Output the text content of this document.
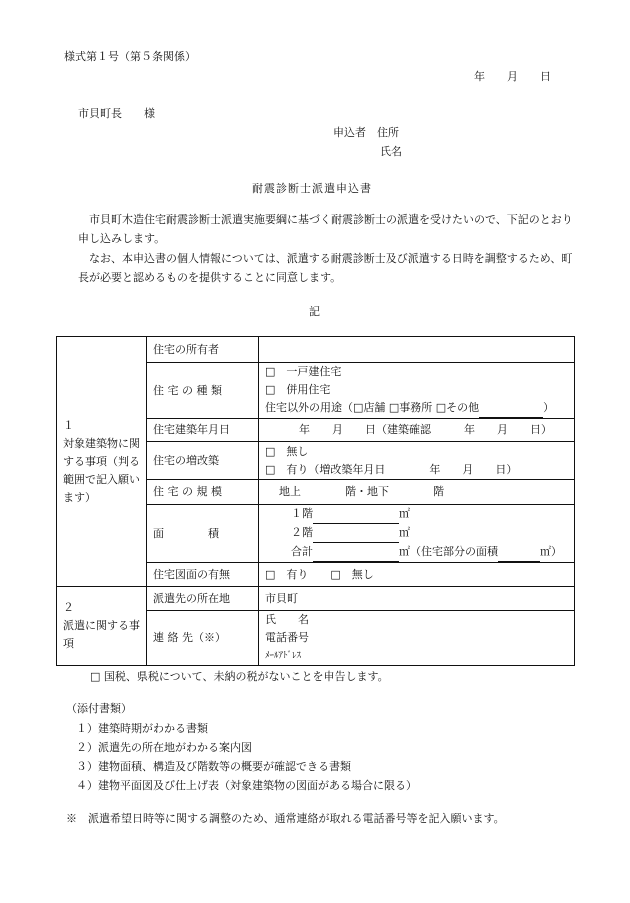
様式第１号（第５条関係）
年　　月　　日
市貝町長　　様
申込者　住所
氏名
耐震診断士派遣申込書
市貝町木造住宅耐震診断士派遣実施要綱に基づく耐震診断士の派遣を受けたいので、下記のとおり申し込みします。
なお、本申込書の個人情報については、派遣する耐震診断士及び派遣する日時を調整するため、町長が必要と認めるものを提供することに同意します。
記
１
対象建築物に関する事項（判る範囲で記入願います）	住宅の所有者	
	住 宅 の 種 類	□　一戸建住宅
□　併用住宅
住宅以外の用途（□店舗 □事務所 □その他 ）

	住宅建築年月日	年　　月　　日（建築確認　　　年　　月　　日）
	住宅の増改築	□　無し
□　有り（増改築年月日　　　　年　　月　　日）

	住 宅 の 規 模	地上　　　　階・地下　　　　階
	面　　　　積	１階 ㎡
２階 ㎡
合計 ㎡（住宅部分の面積 ㎡）

	住宅図面の有無	□　有り　　□　無し

２
派遣に関する事項	派遣先の所在地	市貝町
	連 絡 先（※）	氏　　名
電話番号
ﾒｰﾙｱﾄﾞﾚｽ
□ 国税、県税について、未納の税がないことを申告します。
（添付書類）
１）建築時期がわかる書類
２）派遣先の所在地がわかる案内図
３）建物面積、構造及び階数等の概要が確認できる書類
４）建物平面図及び仕上げ表（対象建築物の図面がある場合に限る）
※　派遣希望日時等に関する調整のため、通常連絡が取れる電話番号等を記入願います。
